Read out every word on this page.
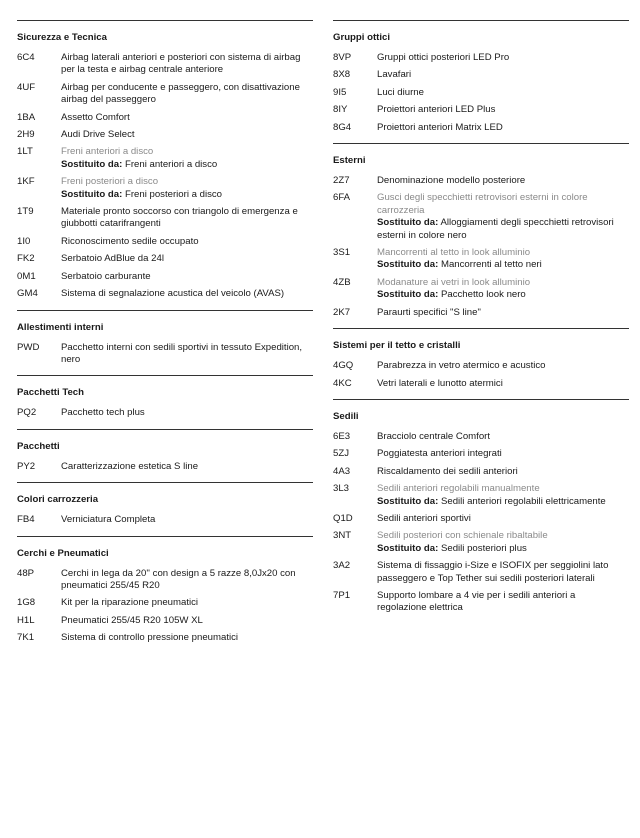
Sicurezza e Tecnica
6C4	Airbag laterali anteriori e posteriori con sistema di airbag per la testa e airbag centrale anteriore
4UF	Airbag per conducente e passeggero, con disattivazione airbag del passeggero
1BA	Assetto Comfort
2H9	Audi Drive Select
1LT	Freni anteriori a disco
Sostituito da: Freni anteriori a disco
1KF	Freni posteriori a disco
Sostituito da: Freni posteriori a disco
1T9	Materiale pronto soccorso con triangolo di emergenza e giubbotti catarifrangenti
1I0	Riconoscimento sedile occupato
FK2	Serbatoio AdBlue da 24l
0M1	Serbatoio carburante
GM4	Sistema di segnalazione acustica del veicolo (AVAS)
Allestimenti interni
PWD	Pacchetto interni con sedili sportivi in tessuto Expedition, nero
Pacchetti Tech
PQ2	Pacchetto tech plus
Pacchetti
PY2	Caratterizzazione estetica S line
Colori carrozzeria
FB4	Verniciatura Completa
Cerchi e Pneumatici
48P	Cerchi in lega da 20'' con design a 5 razze 8,0Jx20 con pneumatici 255/45 R20
1G8	Kit per la riparazione pneumatici
H1L	Pneumatici 255/45 R20 105W XL
7K1	Sistema di controllo pressione pneumatici
Gruppi ottici
8VP	Gruppi ottici posteriori LED Pro
8X8	Lavafari
9I5	Luci diurne
8IY	Proiettori anteriori LED Plus
8G4	Proiettori anteriori Matrix LED
Esterni
2Z7	Denominazione modello posteriore
6FA	Gusci degli specchietti retrovisori esterni in colore carrozzeria
Sostituito da: Alloggiamenti degli specchietti retrovisori esterni in colore nero
3S1	Mancorrenti al tetto in look alluminio
Sostituito da: Mancorrenti al tetto neri
4ZB	Modanature ai vetri in look alluminio
Sostituito da: Pacchetto look nero
2K7	Paraurti specifici "S line"
Sistemi per il tetto e cristalli
4GQ	Parabrezza in vetro atermico e acustico
4KC	Vetri laterali e lunotto atermici
Sedili
6E3	Bracciolo centrale Comfort
5ZJ	Poggiatesta anteriori integrati
4A3	Riscaldamento dei sedili anteriori
3L3	Sedili anteriori regolabili manualmente
Sostituito da: Sedili anteriori regolabili elettricamente
Q1D	Sedili anteriori sportivi
3NT	Sedili posteriori con schienale ribaltabile
Sostituito da: Sedili posteriori plus
3A2	Sistema di fissaggio i-Size e ISOFIX per seggiolini lato passeggero e Top Tether sui sedili posteriori laterali
7P1	Supporto lombare a 4 vie per i sedili anteriori a regolazione elettrica
